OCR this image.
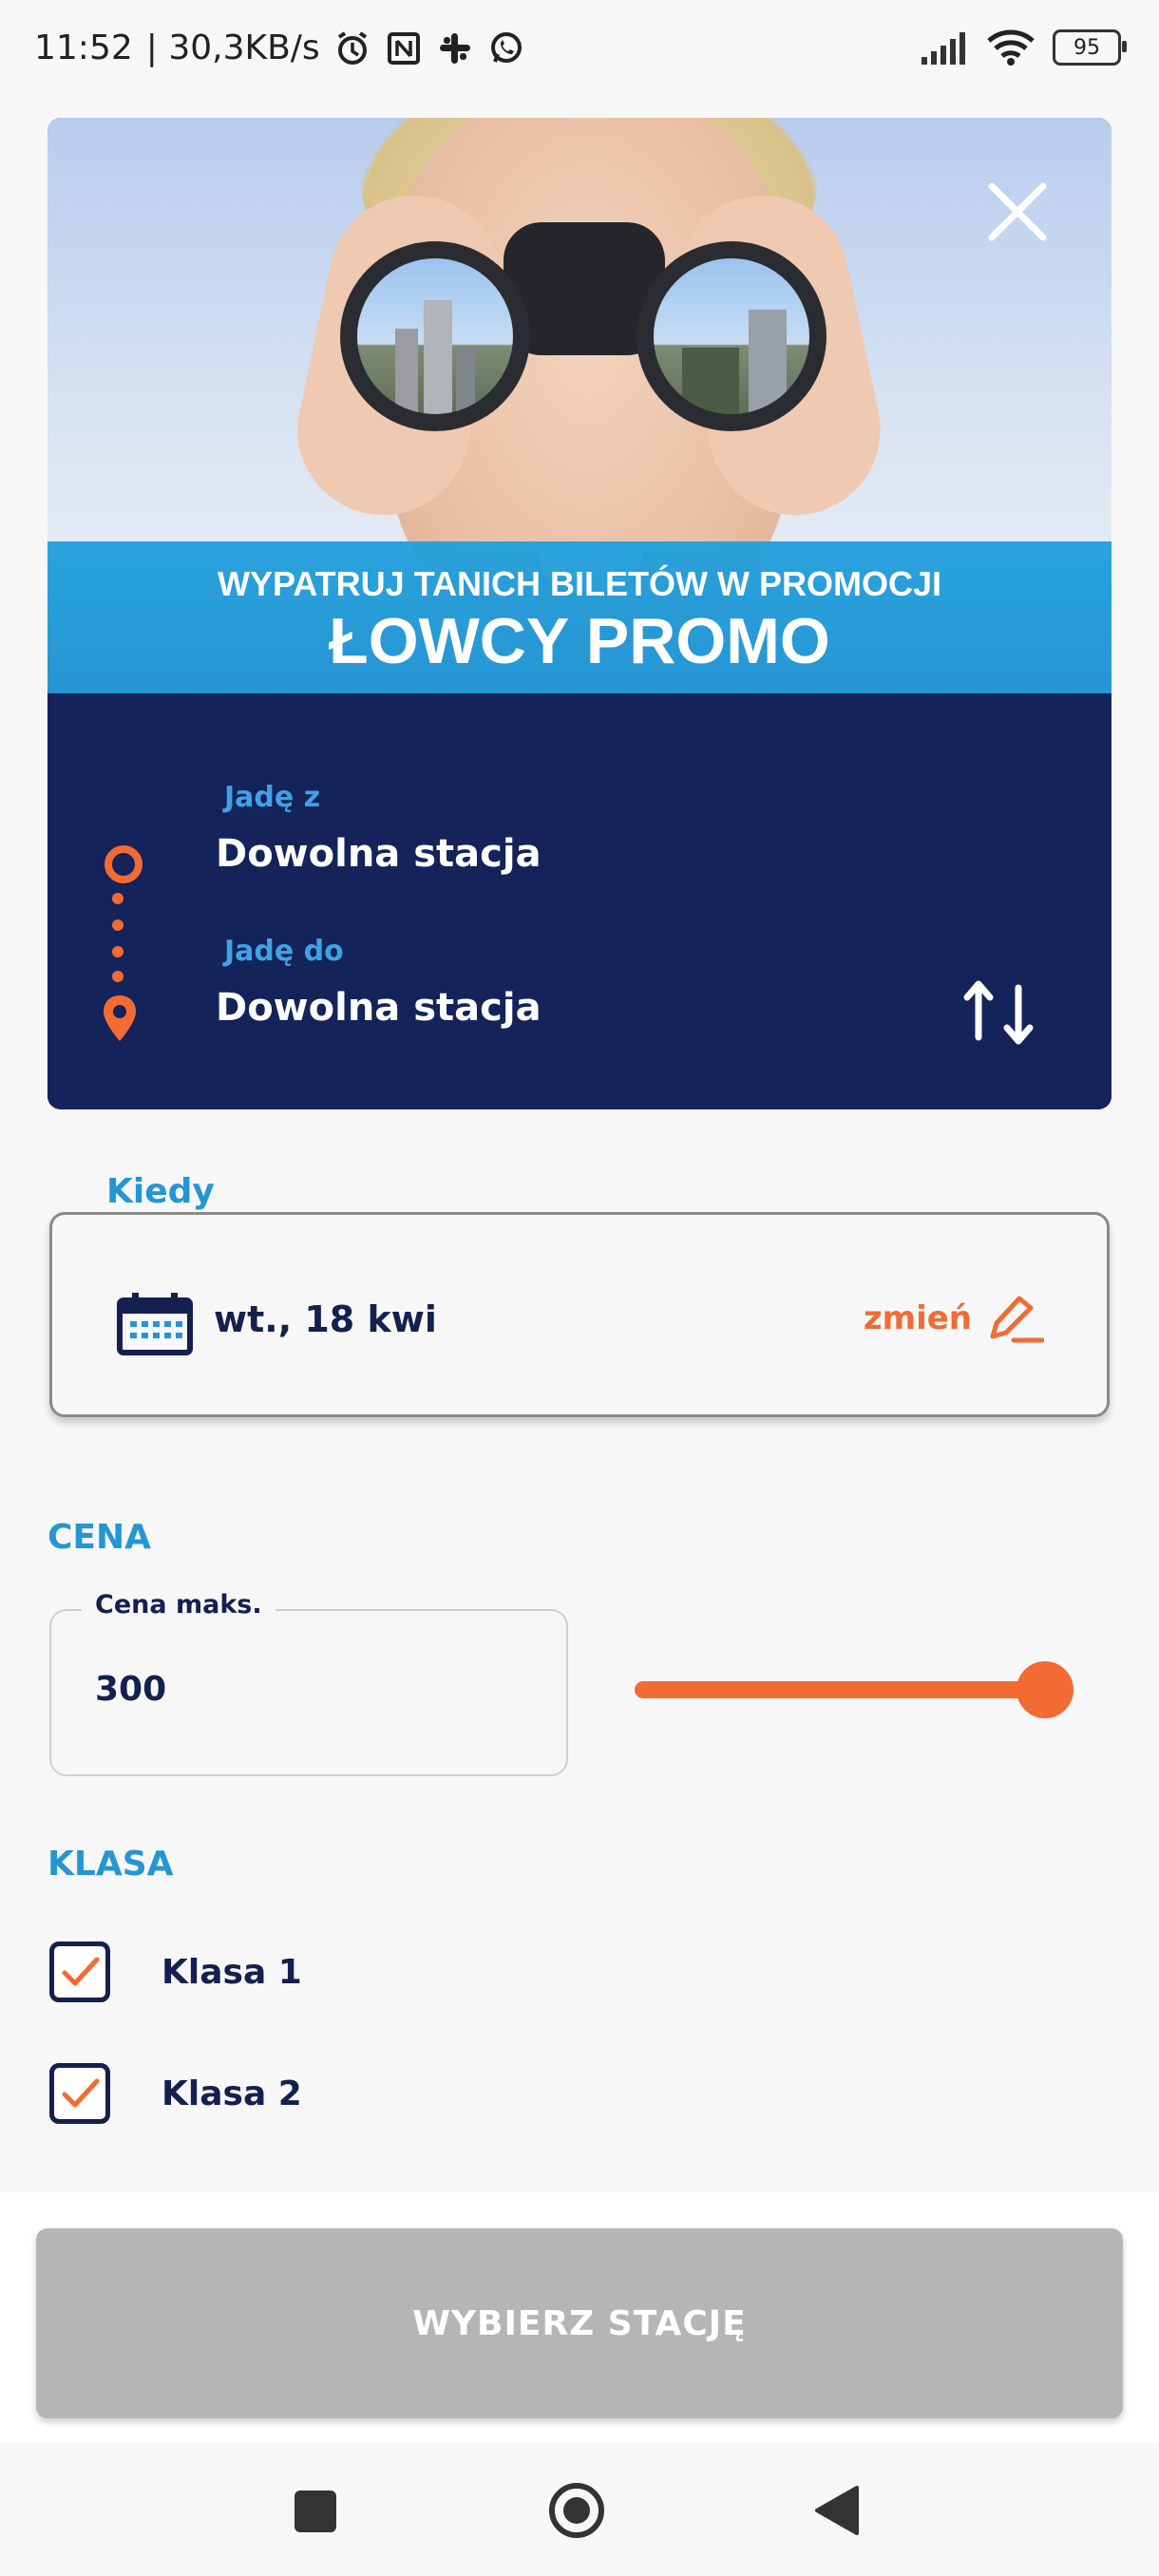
11:52 | 30,3KB/s	95
WYPATRUJ TANICH BILETÓW W PROMOCJI
ŁOWCY PROMO
Jadę z
Dowolna stacja
Jadę do
Dowolna stacja
wt., 18 kwi	zmień
Kiedy
CENA
Cena maks.
300
KLASA
Klasa 1
Klasa 2
WYBIERZ STACJĘ
